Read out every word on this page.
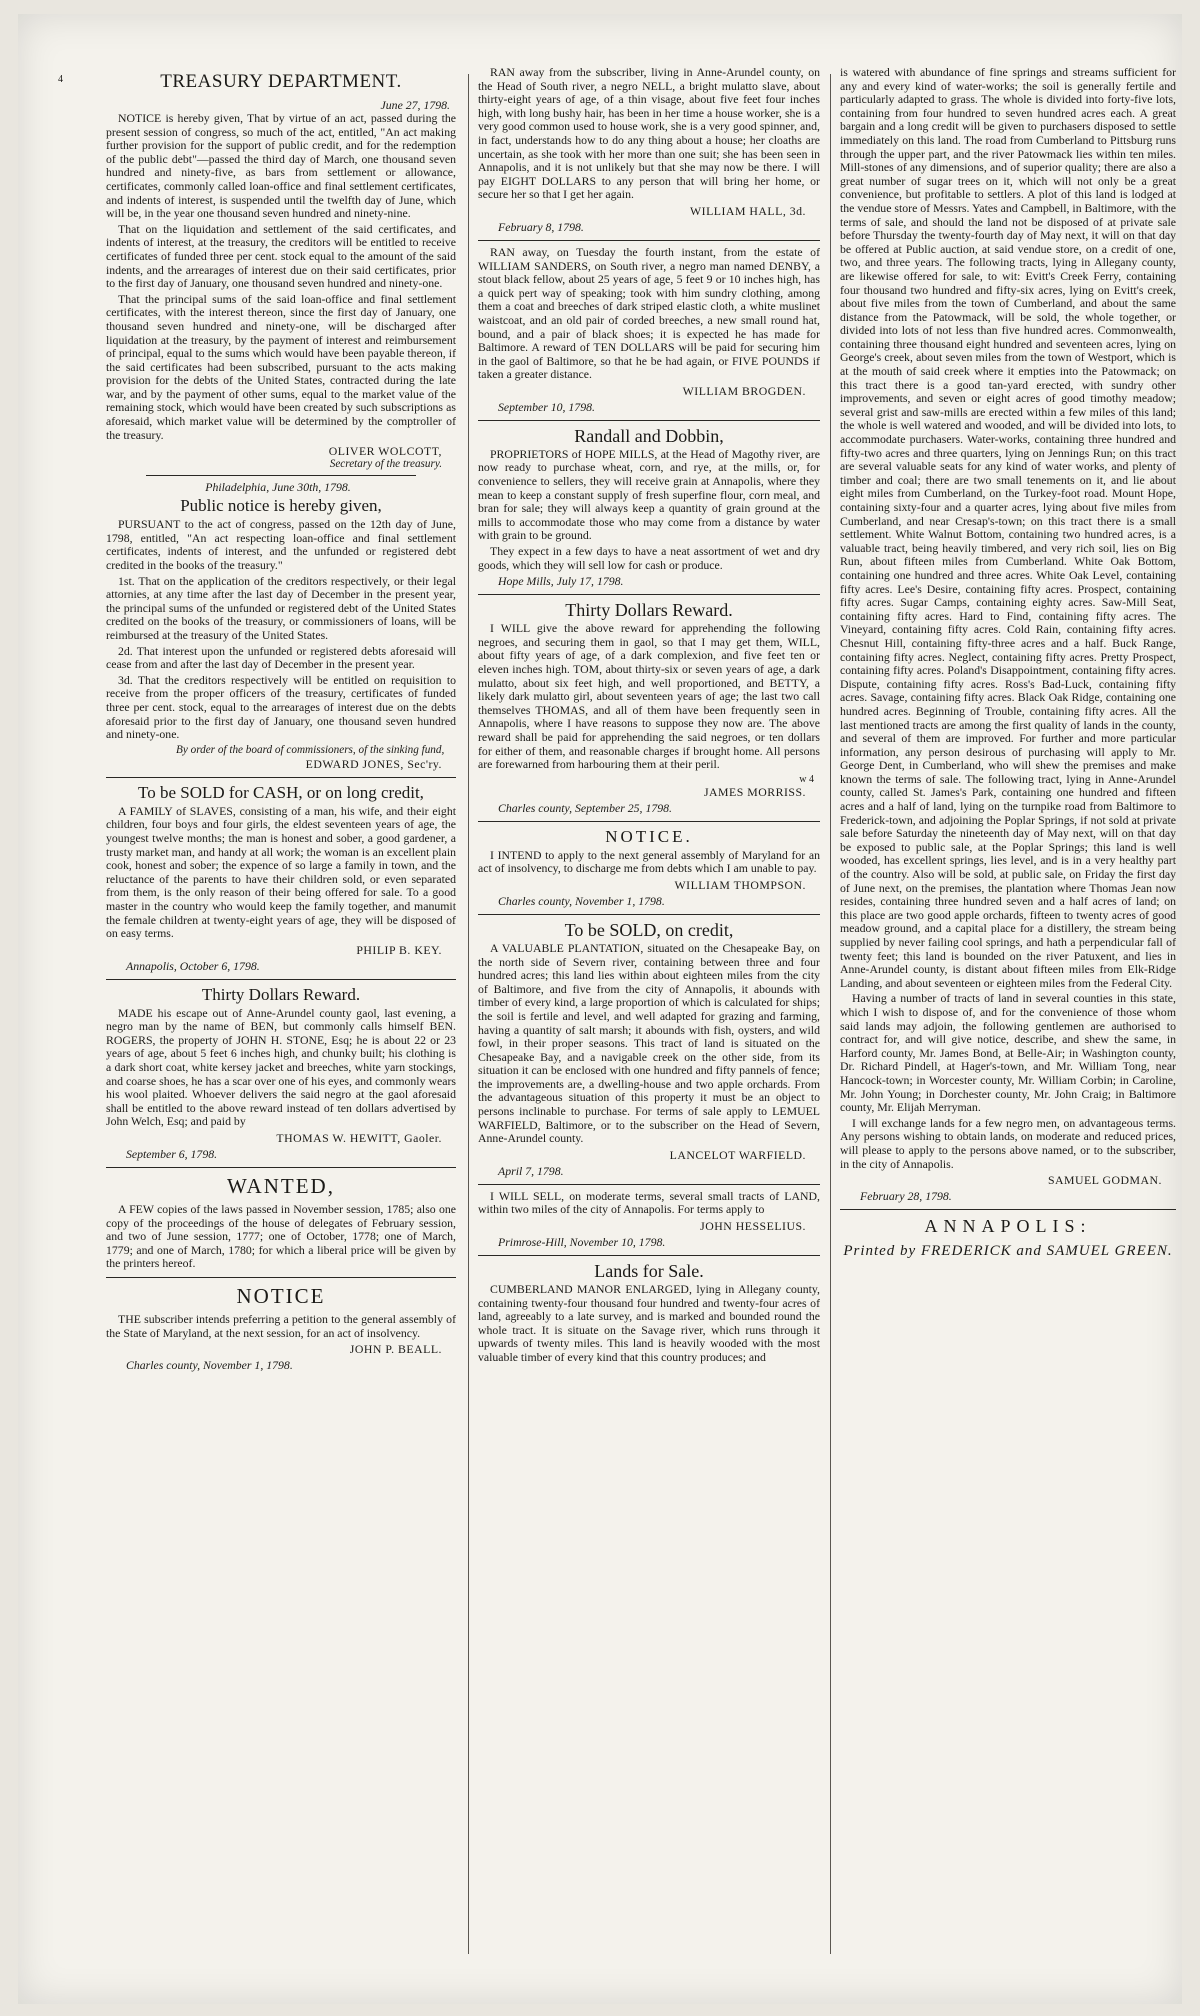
4	TREASURY DEPARTMENT.
June 27, 1798.

NOTICE is hereby given, That by virtue of an act, passed during the present session of congress, so much of the act, entitled, "An act making further provision for the support of public credit, and for the redemption of the public debt"—passed the third day of March, one thousand seven hundred and ninety-five, as bars from settlement or allowance, certificates, commonly called loan-office and final settlement certificates, and indents of interest, is suspended until the twelfth day of June, which will be, in the year one thousand seven hundred and ninety-nine.

That on the liquidation and settlement of the said certificates, and indents of interest, at the treasury, the creditors will be entitled to receive certificates of funded three per cent. stock equal to the amount of the said indents, and the arrearages of interest due on their said certificates, prior to the first day of January, one thousand seven hundred and ninety-one.

That the principal sums of the said loan-office and final settlement certificates, with the interest thereon, since the first day of January, one thousand seven hundred and ninety-one, will be discharged after liquidation at the treasury, by the payment of interest and reimbursement of principal, equal to the sums which would have been payable thereon, if the said certificates had been subscribed, pursuant to the acts making provision for the debts of the United States, contracted during the late war, and by the payment of other sums, equal to the market value of the remaining stock, which would have been created by such subscriptions as aforesaid, which market value will be determined by the comptroller of the treasury.

OLIVER WOLCOTT,
Secretary of the treasury.
Philadelphia, June 30th, 1798.
Public notice is hereby given,

PURSUANT to the act of congress, passed on the 12th day of June, 1798, entitled, "An act respecting loan-office and final settlement certificates, indents of interest, and the unfunded or registered debt credited in the books of the treasury."

1st. That on the application of the creditors respectively, or their legal attornies, at any time after the last day of December in the present year, the principal sums of the unfunded or registered debt of the United States credited on the books of the treasury, or commissioners of loans, will be reimbursed at the treasury of the United States.

2d. That interest upon the unfunded or registered debts aforesaid will cease from and after the last day of December in the present year.

3d. That the creditors respectively will be entitled on requisition to receive from the proper officers of the treasury, certificates of funded three per cent. stock, equal to the arrearages of interest due on the debts aforesaid prior to the first day of January, one thousand seven hundred and ninety-one.

By order of the board of commissioners, of the sinking fund,
EDWARD JONES, Sec'ry.
To be SOLD for CASH, or on long credit,

A FAMILY of SLAVES, consisting of a man, his wife, and their eight children, four boys and four girls, the eldest seventeen years of age, the youngest twelve months; the man is honest and sober, a good gardener, a trusty market man, and handy at all work; the woman is an excellent plain cook, honest and sober; the expence of so large a family in town, and the reluctance of the parents to have their children sold, or even separated from them, is the only reason of their being offered for sale. To a good master in the country who would keep the family together, and manumit the female children at twenty-eight years of age, they will be disposed of on easy terms.

PHILIP B. KEY.
Annapolis, October 6, 1798.
Thirty Dollars Reward.

MADE his escape out of Anne-Arundel county gaol, last evening, a negro man by the name of BEN, but commonly calls himself BEN. ROGERS, the property of JOHN H. STONE, Esq; he is about 22 or 23 years of age, about 5 feet 6 inches high, and chunky built; his clothing is a dark short coat, white kersey jacket and breeches, white yarn stockings, and coarse shoes, he has a scar over one of his eyes, and commonly wears his wool plaited. Whoever delivers the said negro at the gaol aforesaid shall be entitled to the above reward instead of ten dollars advertised by John Welch, Esq; and paid by

THOMAS W. HEWITT, Gaoler.
September 6, 1798.
WANTED,

A FEW copies of the laws passed in November session, 1785; also one copy of the proceedings of the house of delegates of February session, and two of June session, 1777; one of October, 1778; one of March, 1779; and one of March, 1780; for which a liberal price will be given by the printers hereof.

NOTICE

THE subscriber intends preferring a petition to the general assembly of the State of Maryland, at the next session, for an act of insolvency.

JOHN P. BEALL.
Charles county, November 1, 1798.

RAN away from the subscriber, living in Anne-Arundel county, on the Head of South river, a negro NELL, a bright mulatto slave, about thirty-eight years of age, of a thin visage, about five feet four inches high, with long bushy hair, has been in her time a house worker, she is a very good common used to house work, she is a very good spinner, and, in fact, understands how to do any thing about a house; her cloaths are uncertain, as she took with her more than one suit; she has been seen in Annapolis, and it is not unlikely but that she may now be there. I will pay EIGHT DOLLARS to any person that will bring her home, or secure her so that I get her again.

WILLIAM HALL, 3d.
February 8, 1798.

RAN away, on Tuesday the fourth instant, from the estate of WILLIAM SANDERS, on South river, a negro man named DENBY, a stout black fellow, about 25 years of age, 5 feet 9 or 10 inches high, has a quick pert way of speaking; took with him sundry clothing, among them a coat and breeches of dark striped elastic cloth, a white muslinet waistcoat, and an old pair of corded breeches, a new small round hat, bound, and a pair of black shoes; it is expected he has made for Baltimore. A reward of TEN DOLLARS will be paid for securing him in the gaol of Baltimore, so that he be had again, or FIVE POUNDS if taken a greater distance.

WILLIAM BROGDEN.
September 10, 1798.
Randall and Dobbin,

PROPRIETORS of HOPE MILLS, at the Head of Magothy river, are now ready to purchase wheat, corn, and rye, at the mills, or, for convenience to sellers, they will receive grain at Annapolis, where they mean to keep a constant supply of fresh superfine flour, corn meal, and bran for sale; they will always keep a quantity of grain ground at the mills to accommodate those who may come from a distance by water with grain to be ground.

They expect in a few days to have a neat assortment of wet and dry goods, which they will sell low for cash or produce.

Hope Mills, July 17, 1798.
Thirty Dollars Reward.

I WILL give the above reward for apprehending the following negroes, and securing them in gaol, so that I may get them, WILL, about fifty years of age, of a dark complexion, and five feet ten or eleven inches high. TOM, about thirty-six or seven years of age, a dark mulatto, about six feet high, and well proportioned, and BETTY, a likely dark mulatto girl, about seventeen years of age; the last two call themselves THOMAS, and all of them have been frequently seen in Annapolis, where I have reasons to suppose they now are. The above reward shall be paid for apprehending the said negroes, or ten dollars for either of them, and reasonable charges if brought home. All persons are forewarned from harbouring them at their peril.

w 4
JAMES MORRISS.
Charles county, September 25, 1798.
NOTICE.

I INTEND to apply to the next general assembly of Maryland for an act of insolvency, to discharge me from debts which I am unable to pay.

WILLIAM THOMPSON.
Charles county, November 1, 1798.
To be SOLD, on credit,

A VALUABLE PLANTATION, situated on the Chesapeake Bay, on the north side of Severn river, containing between three and four hundred acres; this land lies within about eighteen miles from the city of Baltimore, and five from the city of Annapolis, it abounds with timber of every kind, a large proportion of which is calculated for ships; the soil is fertile and level, and well adapted for grazing and farming, having a quantity of salt marsh; it abounds with fish, oysters, and wild fowl, in their proper seasons. This tract of land is situated on the Chesapeake Bay, and a navigable creek on the other side, from its situation it can be enclosed with one hundred and fifty pannels of fence; the improvements are, a dwelling-house and two apple orchards. From the advantageous situation of this property it must be an object to persons inclinable to purchase. For terms of sale apply to LEMUEL WARFIELD, Baltimore, or to the subscriber on the Head of Severn, Anne-Arundel county.

LANCELOT WARFIELD.
April 7, 1798.

I WILL SELL, on moderate terms, several small tracts of LAND, within two miles of the city of Annapolis. For terms apply to

JOHN HESSELIUS.
Primrose-Hill, November 10, 1798.
Lands for Sale.

CUMBERLAND MANOR ENLARGED, lying in Allegany county, containing twenty-four thousand four hundred and twenty-four acres of land, agreeably to a late survey, and is marked and bounded round the whole tract. It is situate on the Savage river, which runs through it upwards of twenty miles. This land is heavily wooded with the most valuable timber of every kind that this country produces; and

is watered with abundance of fine springs and streams sufficient for any and every kind of water-works; the soil is generally fertile and particularly adapted to grass. The whole is divided into forty-five lots, containing from four hundred to seven hundred acres each. A great bargain and a long credit will be given to purchasers disposed to settle immediately on this land. The road from Cumberland to Pittsburg runs through the upper part, and the river Patowmack lies within ten miles. Mill-stones of any dimensions, and of superior quality; there are also a great number of sugar trees on it, which will not only be a great convenience, but profitable to settlers. A plot of this land is lodged at the vendue store of Messrs. Yates and Campbell, in Baltimore, with the terms of sale, and should the land not be disposed of at private sale before Thursday the twenty-fourth day of May next, it will on that day be offered at Public auction, at said vendue store, on a credit of one, two, and three years. The following tracts, lying in Allegany county, are likewise offered for sale, to wit: Evitt's Creek Ferry, containing four thousand two hundred and fifty-six acres, lying on Evitt's creek, about five miles from the town of Cumberland, and about the same distance from the Patowmack, will be sold, the whole together, or divided into lots of not less than five hundred acres. Commonwealth, containing three thousand eight hundred and seventeen acres, lying on George's creek, about seven miles from the town of Westport, which is at the mouth of said creek where it empties into the Patowmack; on this tract there is a good tan-yard erected, with sundry other improvements, and seven or eight acres of good timothy meadow; several grist and saw-mills are erected within a few miles of this land; the whole is well watered and wooded, and will be divided into lots, to accommodate purchasers. Water-works, containing three hundred and fifty-two acres and three quarters, lying on Jennings Run; on this tract are several valuable seats for any kind of water works, and plenty of timber and coal; there are two small tenements on it, and lie about eight miles from Cumberland, on the Turkey-foot road. Mount Hope, containing sixty-four and a quarter acres, lying about five miles from Cumberland, and near Cresap's-town; on this tract there is a small settlement. White Walnut Bottom, containing two hundred acres, is a valuable tract, being heavily timbered, and very rich soil, lies on Big Run, about fifteen miles from Cumberland. White Oak Bottom, containing one hundred and three acres. White Oak Level, containing fifty acres. Lee's Desire, containing fifty acres. Prospect, containing fifty acres. Sugar Camps, containing eighty acres. Saw-Mill Seat, containing fifty acres. Hard to Find, containing fifty acres. The Vineyard, containing fifty acres. Cold Rain, containing fifty acres. Chesnut Hill, containing fifty-three acres and a half. Buck Range, containing fifty acres. Neglect, containing fifty acres. Pretty Prospect, containing fifty acres. Poland's Disappointment, containing fifty acres. Dispute, containing fifty acres. Ross's Bad-Luck, containing fifty acres. Savage, containing fifty acres. Black Oak Ridge, containing one hundred acres. Beginning of Trouble, containing fifty acres. All the last mentioned tracts are among the first quality of lands in the county, and several of them are improved. For further and more particular information, any person desirous of purchasing will apply to Mr. George Dent, in Cumberland, who will shew the premises and make known the terms of sale. The following tract, lying in Anne-Arundel county, called St. James's Park, containing one hundred and fifteen acres and a half of land, lying on the turnpike road from Baltimore to Frederick-town, and adjoining the Poplar Springs, if not sold at private sale before Saturday the nineteenth day of May next, will on that day be exposed to public sale, at the Poplar Springs; this land is well wooded, has excellent springs, lies level, and is in a very healthy part of the country. Also will be sold, at public sale, on Friday the first day of June next, on the premises, the plantation where Thomas Jean now resides, containing three hundred seven and a half acres of land; on this place are two good apple orchards, fifteen to twenty acres of good meadow ground, and a capital place for a distillery, the stream being supplied by never failing cool springs, and hath a perpendicular fall of twenty feet; this land is bounded on the river Patuxent, and lies in Anne-Arundel county, is distant about fifteen miles from Elk-Ridge Landing, and about seventeen or eighteen miles from the Federal City.

Having a number of tracts of land in several counties in this state, which I wish to dispose of, and for the convenience of those whom said lands may adjoin, the following gentlemen are authorised to contract for, and will give notice, describe, and shew the same, in Harford county, Mr. James Bond, at Belle-Air; in Washington county, Dr. Richard Pindell, at Hager's-town, and Mr. William Tong, near Hancock-town; in Worcester county, Mr. William Corbin; in Caroline, Mr. John Young; in Dorchester county, Mr. John Craig; in Baltimore county, Mr. Elijah Merryman.

I will exchange lands for a few negro men, on advantageous terms. Any persons wishing to obtain lands, on moderate and reduced prices, will please to apply to the persons above named, or to the subscriber, in the city of Annapolis.

SAMUEL GODMAN.
February 28, 1798.
ANNAPOLIS:
Printed by FREDERICK and SAMUEL GREEN.
